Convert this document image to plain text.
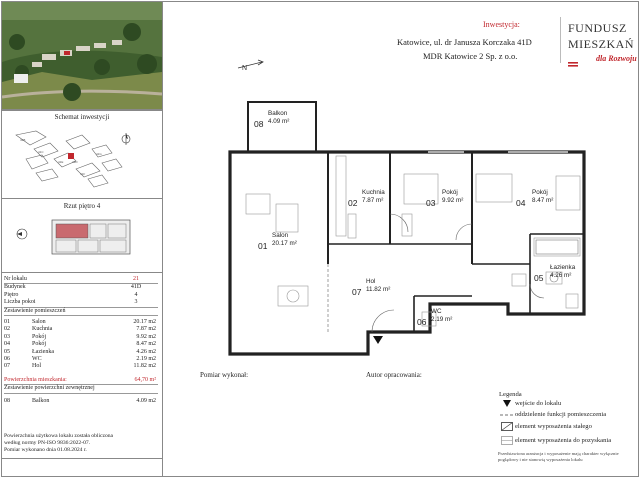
Schemat inwestycji
41B
41C
41D
41E
41F
41G
Rzut piętro 4
Nr lokalu	21
Budynek	41D
Piętro	4
Liczba pokoi	3
Zestawienie pomieszczeń
01	Salon	20.17 m2
02	Kuchnia	7.87 m2
03	Pokój	9.92 m2
04	Pokój	8.47 m2
05	Łazienka	4.26 m2
06	WC	2.19 m2
07	Hol	11.82 m2
Powierzchnia mieszkania:	64,70 m²
Zestawienie powierzchni zewnętrznej
08	Balkon	4.09 m2
Powierzchnia użytkowa lokalu została obliczona
według normy PN-ISO 9836:2022-07.
Pomiar wykonano dnia 01.08.2024 r.
Inwestycja:
Katowice, ul. dr Janusza Korczaka 41D
MDR Katowice 2 Sp. z o.o.
FUNDUSZ
MIESZKAŃ
dla Rozwoju
N
08
Balkon
4.09 m²
01
Salon
20.17 m²
02
Kuchnia
7.87 m²	03
Pokój
9.92 m²	04
Pokój
8.47 m²
05
Łazienka
4.26 m²
06
WC
2.19 m²
07
Hol
11.82 m²
Pomiar wykonał:	Autor opracowania:
Legenda
wejście do lokalu
oddzielenie funkcji pomieszczenia
element wyposażenia stałego
element wyposażenia do pozyskania
Przedstawiona aranżacja i wyposażenie mają charakter wyłącznie
poglądowy i nie stanowią wyposażenia lokalu
